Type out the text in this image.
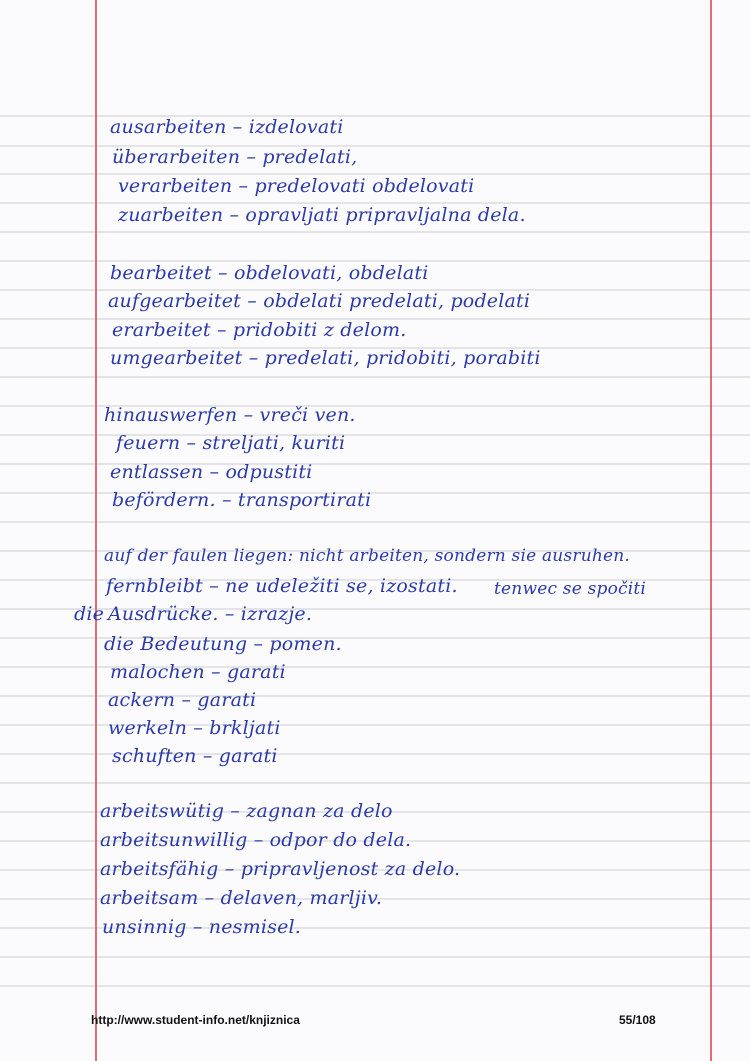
ausarbeiten – izdelovati
überarbeiten – predelati,
verarbeiten – predelovati obdelovati
zuarbeiten – opravljati pripravljalna dela.
bearbeitet – obdelovati, obdelati
aufgearbeitet – obdelati predelati, podelati
erarbeitet – pridobiti z delom.
umgearbeitet – predelati, pridobiti, porabiti
hinauswerfen – vreči ven.
feuern – streljati, kuriti
entlassen – odpustiti
befördern. – transportirati
auf der faulen liegen: nicht arbeiten, sondern sie ausruhen.
fernbleibt – ne udeležiti se, izostati. tenwec se spočiti
die Ausdrücke. – izrazje.
die Bedeutung – pomen.
malochen – garati
ackern – garati
werkeln – brkljati
schuften – garati
arbeitswütig – zagnan za delo
arbeitsunwillig – odpor do dela.
arbeitsfähig – pripravljenost za delo.
arbeitsam – delaven, marljiv.
unsinnig – nesmisel.
http://www.student-info.net/knjiznica	55/108
